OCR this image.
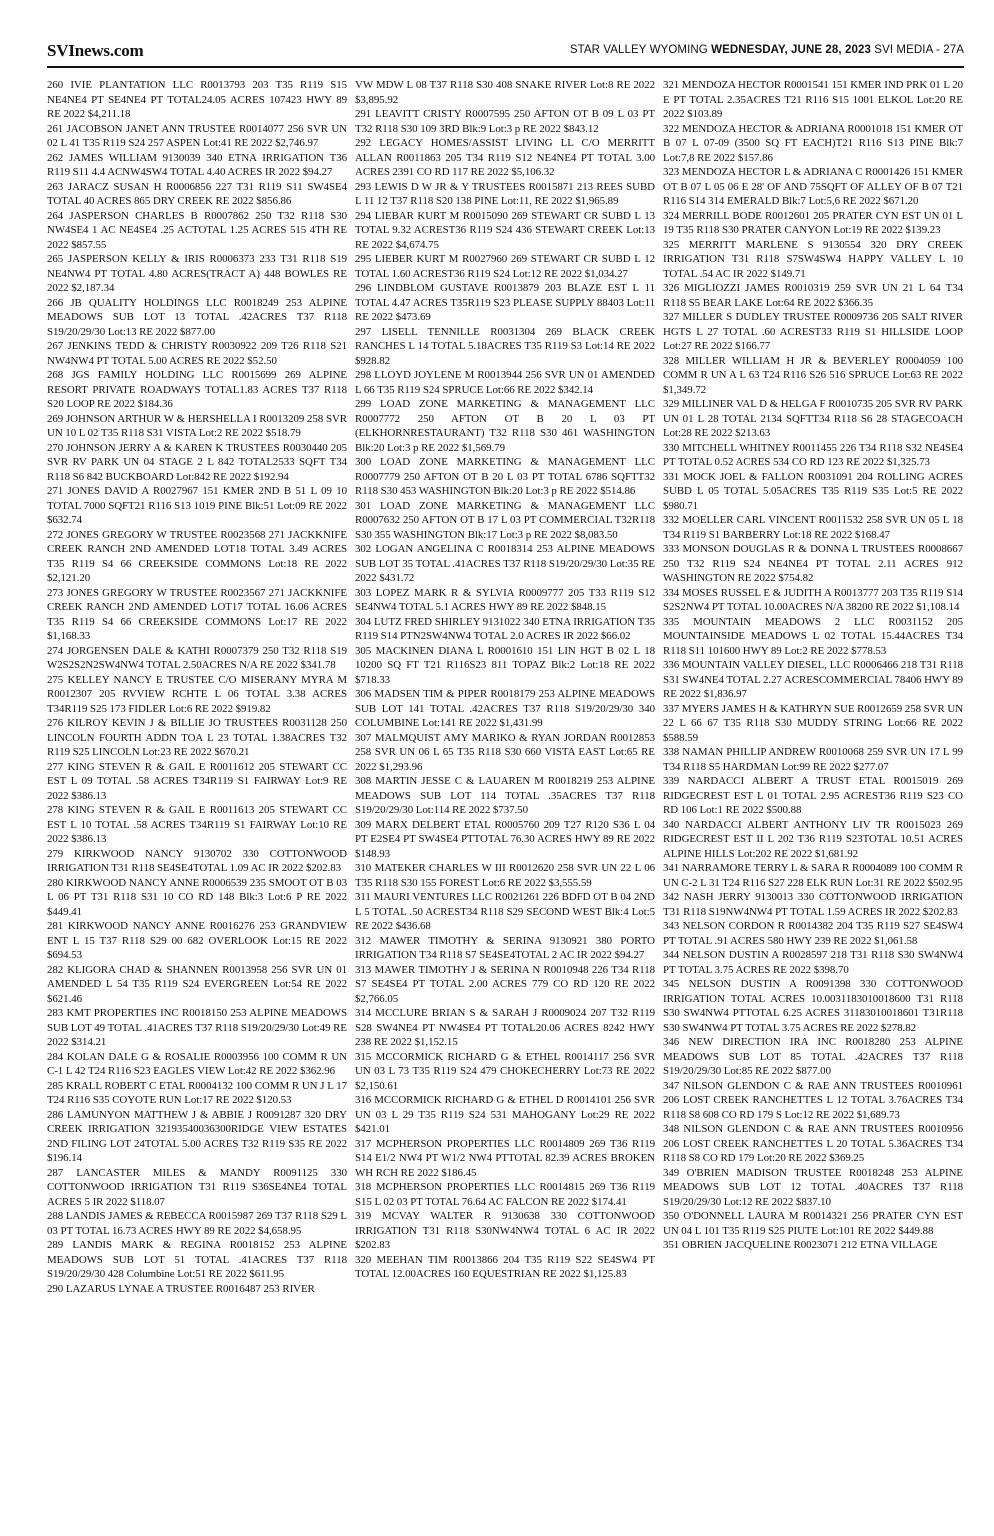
SVInews.com	STAR VALLEY WYOMING WEDNESDAY, JUNE 28, 2023 SVI MEDIA - 27A

260 IVIE PLANTATION LLC R0013793 203 T35 R119 S15 NE4NE4 PT SE4NE4 PT TOTAL24.05 ACRES 107423 HWY 89 RE 2022 $4,211.18

261 JACOBSON JANET ANN TRUSTEE R0014077 256 SVR UN 02 L 41 T35 R119 S24 257 ASPEN Lot:41 RE 2022 $2,746.97

262 JAMES WILLIAM 9130039 340 ETNA IRRIGATION T36 R119 S11 4.4 ACNW4SW4 TOTAL 4.40 ACRES IR 2022 $94.27

263 JARACZ SUSAN H R0006856 227 T31 R119 S11 SW4SE4 TOTAL 40 ACRES 865 DRY CREEK RE 2022 $856.86

264 JASPERSON CHARLES B R0007862 250 T32 R118 S30 NW4SE4 1 AC NE4SE4 .25 ACTOTAL 1.25 ACRES 515 4TH RE 2022 $857.55

265 JASPERSON KELLY & IRIS R0006373 233 T31 R118 S19 NE4NW4 PT TOTAL 4.80 ACRES(TRACT A) 448 BOWLES RE 2022 $2,187.34

266 JB QUALITY HOLDINGS LLC R0018249 253 ALPINE MEADOWS SUB LOT 13 TOTAL .42ACRES T37 R118 S19/20/29/30 Lot:13 RE 2022 $877.00

267 JENKINS TEDD & CHRISTY R0030922 209 T26 R118 S21 NW4NW4 PT TOTAL 5.00 ACRES RE 2022 $52.50

268 JGS FAMILY HOLDING LLC R0015699 269 ALPINE RESORT PRIVATE ROADWAYS TOTAL1.83 ACRES T37 R118 S20 LOOP RE 2022 $184.36

269 JOHNSON ARTHUR W & HERSHELLA I R0013209 258 SVR UN 10 L 02 T35 R118 S31 VISTA Lot:2 RE 2022 $518.79

270 JOHNSON JERRY A & KAREN K TRUSTEES R0030440 205 SVR RV PARK UN 04 STAGE 2 L 842 TOTAL2533 SQFT T34 R118 S6 842 BUCKBOARD Lot:842 RE 2022 $192.94

271 JONES DAVID A R0027967 151 KMER 2ND B 51 L 09 10 TOTAL 7000 SQFT21 R116 S13 1019 PINE Blk:51 Lot:09 RE 2022 $632.74

272 JONES GREGORY W TRUSTEE R0023568 271 JACKKNIFE CREEK RANCH 2ND AMENDED LOT18 TOTAL 3.49 ACRES T35 R119 S4 66 CREEKSIDE COMMONS Lot:18 RE 2022 $2,121.20

273 JONES GREGORY W TRUSTEE R0023567 271 JACKKNIFE CREEK RANCH 2ND AMENDED LOT17 TOTAL 16.06 ACRES T35 R119 S4 66 CREEKSIDE COMMONS Lot:17 RE 2022 $1,168.33

274 JORGENSEN DALE & KATHI R0007379 250 T32 R118 S19 W2S2S2N2SW4NW4 TOTAL 2.50ACRES N/A RE 2022 $341.78

275 KELLEY NANCY E TRUSTEE C/O MISERANY MYRA M R0012307 205 RVVIEW RCHTE L 06 TOTAL 3.38 ACRES T34R119 S25 173 FIDLER Lot:6 RE 2022 $919.82

276 KILROY KEVIN J & BILLIE JO TRUSTEES R0031128 250 LINCOLN FOURTH ADDN TOA L 23 TOTAL 1.38ACRES T32 R119 S25 LINCOLN Lot:23 RE 2022 $670.21

277 KING STEVEN R & GAIL E R0011612 205 STEWART CC EST L 09 TOTAL .58 ACRES T34R119 S1 FAIRWAY Lot:9 RE 2022 $386.13

278 KING STEVEN R & GAIL E R0011613 205 STEWART CC EST L 10 TOTAL .58 ACRES T34R119 S1 FAIRWAY Lot:10 RE 2022 $386.13

279 KIRKWOOD NANCY 9130702 330 COTTONWOOD IRRIGATION T31 R118 SE4SE4TOTAL 1.09 AC IR 2022 $202.83

280 KIRKWOOD NANCY ANNE R0006539 235 SMOOT OT B 03 L 06 PT T31 R118 S31 10 CO RD 148 Blk:3 Lot:6 P RE 2022 $449.41

281 KIRKWOOD NANCY ANNE R0016276 253 GRANDVIEW ENT L 15 T37 R118 S29 00 682 OVERLOOK Lot:15 RE 2022 $694.53

282 KLIGORA CHAD & SHANNEN R0013958 256 SVR UN 01 AMENDED L 54 T35 R119 S24 EVERGREEN Lot:54 RE 2022 $621.46

283 KMT PROPERTIES INC R0018150 253 ALPINE MEADOWS SUB LOT 49 TOTAL .41ACRES T37 R118 S19/20/29/30 Lot:49 RE 2022 $314.21

284 KOLAN DALE G & ROSALIE R0003956 100 COMM R UN C-1 L 42 T24 R116 S23 EAGLES VIEW Lot:42 RE 2022 $362.96

285 KRALL ROBERT C ETAL R0004132 100 COMM R UN J L 17 T24 R116 S35 COYOTE RUN Lot:17 RE 2022 $120.53

286 LAMUNYON MATTHEW J & ABBIE J R0091287 320 DRY CREEK IRRIGATION 32193540036300RIDGE VIEW ESTATES 2ND FILING LOT 24TOTAL 5.00 ACRES T32 R119 S35 RE 2022 $196.14

287 LANCASTER MILES & MANDY R0091125 330 COTTONWOOD IRRIGATION T31 R119 S36SE4NE4 TOTAL ACRES 5 IR 2022 $118.07

288 LANDIS JAMES & REBECCA R0015987 269 T37 R118 S29 L 03 PT TOTAL 16.73 ACRES HWY 89 RE 2022 $4,658.95

289 LANDIS MARK & REGINA R0018152 253 ALPINE MEADOWS SUB LOT 51 TOTAL .41ACRES T37 R118 S19/20/29/30 428 Columbine Lot:51 RE 2022 $611.95

290 LAZARUS LYNAE A TRUSTEE R0016487 253 RIVER

VW MDW L 08 T37 R118 S30 408 SNAKE RIVER Lot:8 RE 2022 $3,895.92

291 LEAVITT CRISTY R0007595 250 AFTON OT B 09 L 03 PT T32 R118 S30 109 3RD Blk:9 Lot:3 p RE 2022 $843.12

292 LEGACY HOMES/ASSIST LIVING LL C/O MERRITT ALLAN R0011863 205 T34 R119 S12 NE4NE4 PT TOTAL 3.00 ACRES 2391 CO RD 117 RE 2022 $5,106.32

293 LEWIS D W JR & Y TRUSTEES R0015871 213 REES SUBD L 11 12 T37 R118 S20 138 PINE Lot:11, RE 2022 $1,965.89

294 LIEBAR KURT M R0015090 269 STEWART CR SUBD L 13 TOTAL 9.32 ACREST36 R119 S24 436 STEWART CREEK Lot:13 RE 2022 $4,674.75

295 LIEBER KURT M R0027960 269 STEWART CR SUBD L 12 TOTAL 1.60 ACREST36 R119 S24 Lot:12 RE 2022 $1,034.27

296 LINDBLOM GUSTAVE R0013879 203 BLAZE EST L 11 TOTAL 4.47 ACRES T35R119 S23 PLEASE SUPPLY 88403 Lot:11 RE 2022 $473.69

297 LISELL TENNILLE R0031304 269 BLACK CREEK RANCHES L 14 TOTAL 5.18ACRES T35 R119 S3 Lot:14 RE 2022 $928.82

298 LLOYD JOYLENE M R0013944 256 SVR UN 01 AMENDED L 66 T35 R119 S24 SPRUCE Lot:66 RE 2022 $342.14

299 LOAD ZONE MARKETING & MANAGEMENT LLC R0007772 250 AFTON OT B 20 L 03 PT (ELKHORNRESTAURANT) T32 R118 S30 461 WASHINGTON Blk:20 Lot:3 p RE 2022 $1,569.79

300 LOAD ZONE MARKETING & MANAGEMENT LLC R0007779 250 AFTON OT B 20 L 03 PT TOTAL 6786 SQFTT32 R118 S30 453 WASHINGTON Blk:20 Lot:3 p RE 2022 $514.86

301 LOAD ZONE MARKETING & MANAGEMENT LLC R0007632 250 AFTON OT B 17 L 03 PT COMMERCIAL T32R118 S30 355 WASHINGTON Blk:17 Lot:3 p RE 2022 $8,083.50

302 LOGAN ANGELINA C R0018314 253 ALPINE MEADOWS SUB LOT 35 TOTAL .41ACRES T37 R118 S19/20/29/30 Lot:35 RE 2022 $431.72

303 LOPEZ MARK R & SYLVIA R0009777 205 T33 R119 S12 SE4NW4 TOTAL 5.1 ACRES HWY 89 RE 2022 $848.15

304 LUTZ FRED SHIRLEY 9131022 340 ETNA IRRIGATION T35 R119 S14 PTN2SW4NW4 TOTAL 2.0 ACRES IR 2022 $66.02

305 MACKINEN DIANA L R0001610 151 LIN HGT B 02 L 18 10200 SQ FT T21 R116S23 811 TOPAZ Blk:2 Lot:18 RE 2022 $718.33

306 MADSEN TIM & PIPER R0018179 253 ALPINE MEADOWS SUB LOT 141 TOTAL .42ACRES T37 R118 S19/20/29/30 340 COLUMBINE Lot:141 RE 2022 $1,431.99

307 MALMQUIST AMY MARIKO & RYAN JORDAN R0012853 258 SVR UN 06 L 65 T35 R118 S30 660 VISTA EAST Lot:65 RE 2022 $1,293.96

308 MARTIN JESSE C & LAUAREN M R0018219 253 ALPINE MEADOWS SUB LOT 114 TOTAL .35ACRES T37 R118 S19/20/29/30 Lot:114 RE 2022 $737.50

309 MARX DELBERT ETAL R0005760 209 T27 R120 S36 L 04 PT E2SE4 PT SW4SE4 PTTOTAL 76.30 ACRES HWY 89 RE 2022 $148.93

310 MATEKER CHARLES W III R0012620 258 SVR UN 22 L 06 T35 R118 S30 155 FOREST Lot:6 RE 2022 $3,555.59

311 MAURI VENTURES LLC R0021261 226 BDFD OT B 04 2ND L 5 TOTAL .50 ACREST34 R118 S29 SECOND WEST Blk:4 Lot:5 RE 2022 $436.68

312 MAWER TIMOTHY & SERINA 9130921 380 PORTO IRRIGATION T34 R118 S7 SE4SE4TOTAL 2 AC IR 2022 $94.27

313 MAWER TIMOTHY J & SERINA N R0010948 226 T34 R118 S7 SE4SE4 PT TOTAL 2.00 ACRES 779 CO RD 120 RE 2022 $2,766.05

314 MCCLURE BRIAN S & SARAH J R0009024 207 T32 R119 S28 SW4NE4 PT NW4SE4 PT TOTAL20.06 ACRES 8242 HWY 238 RE 2022 $1,152.15

315 MCCORMICK RICHARD G & ETHEL R0014117 256 SVR UN 03 L 73 T35 R119 S24 479 CHOKECHERRY Lot:73 RE 2022 $2,150.61

316 MCCORMICK RICHARD G & ETHEL D R0014101 256 SVR UN 03 L 29 T35 R119 S24 531 MAHOGANY Lot:29 RE 2022 $421.01

317 MCPHERSON PROPERTIES LLC R0014809 269 T36 R119 S14 E1/2 NW4 PT W1/2 NW4 PTTOTAL 82.39 ACRES BROKEN WH RCH RE 2022 $186.45

318 MCPHERSON PROPERTIES LLC R0014815 269 T36 R119 S15 L 02 03 PT TOTAL 76.64 AC FALCON RE 2022 $174.41

319 MCVAY WALTER R 9130638 330 COTTONWOOD IRRIGATION T31 R118 S30NW4NW4 TOTAL 6 AC IR 2022 $202.83

320 MEEHAN TIM R0013866 204 T35 R119 S22 SE4SW4 PT TOTAL 12.00ACRES 160 EQUESTRIAN RE 2022 $1,125.83

321 MENDOZA HECTOR R0001541 151 KMER IND PRK 01 L 20 E PT TOTAL 2.35ACRES T21 R116 S15 1001 ELKOL Lot:20 RE 2022 $103.89

322 MENDOZA HECTOR & ADRIANA R0001018 151 KMER OT B 07 L 07-09 (3500 SQ FT EACH)T21 R116 S13 PINE Blk:7 Lot:7,8 RE 2022 $157.86

323 MENDOZA HECTOR L & ADRIANA C R0001426 151 KMER OT B 07 L 05 06 E 28' OF AND 75SQFT OF ALLEY OF B 07 T21 R116 S14 314 EMERALD Blk:7 Lot:5,6 RE 2022 $671.20

324 MERRILL BODE R0012601 205 PRATER CYN EST UN 01 L 19 T35 R118 S30 PRATER CANYON Lot:19 RE 2022 $139.23

325 MERRITT MARLENE S 9130554 320 DRY CREEK IRRIGATION T31 R118 S7SW4SW4 HAPPY VALLEY L 10 TOTAL .54 AC IR 2022 $149.71

326 MIGLIOZZI JAMES R0010319 259 SVR UN 21 L 64 T34 R118 S5 BEAR LAKE Lot:64 RE 2022 $366.35

327 MILLER S DUDLEY TRUSTEE R0009736 205 SALT RIVER HGTS L 27 TOTAL .60 ACREST33 R119 S1 HILLSIDE LOOP Lot:27 RE 2022 $166.77

328 MILLER WILLIAM H JR & BEVERLEY R0004059 100 COMM R UN A L 63 T24 R116 S26 516 SPRUCE Lot:63 RE 2022 $1,349.72

329 MILLINER VAL D & HELGA F R0010735 205 SVR RV PARK UN 01 L 28 TOTAL 2134 SQFTT34 R118 S6 28 STAGECOACH Lot:28 RE 2022 $213.63

330 MITCHELL WHITNEY R0011455 226 T34 R118 S32 NE4SE4 PT TOTAL 0.52 ACRES 534 CO RD 123 RE 2022 $1,325.73

331 MOCK JOEL & FALLON R0031091 204 ROLLING ACRES SUBD L 05 TOTAL 5.05ACRES T35 R119 S35 Lot:5 RE 2022 $980.71

332 MOELLER CARL VINCENT R0011532 258 SVR UN 05 L 18 T34 R119 S1 BARBERRY Lot:18 RE 2022 $168.47

333 MONSON DOUGLAS R & DONNA L TRUSTEES R0008667 250 T32 R119 S24 NE4NE4 PT TOTAL 2.11 ACRES 912 WASHINGTON RE 2022 $754.82

334 MOSES RUSSEL E & JUDITH A R0013777 203 T35 R119 S14 S2S2NW4 PT TOTAL 10.00ACRES N/A 38200 RE 2022 $1,108.14

335 MOUNTAIN MEADOWS 2 LLC R0031152 205 MOUNTAINSIDE MEADOWS L 02 TOTAL 15.44ACRES T34 R118 S11 101600 HWY 89 Lot:2 RE 2022 $778.53

336 MOUNTAIN VALLEY DIESEL, LLC R0006466 218 T31 R118 S31 SW4NE4 TOTAL 2.27 ACRESCOMMERCIAL 78406 HWY 89 RE 2022 $1,836.97

337 MYERS JAMES H & KATHRYN SUE R0012659 258 SVR UN 22 L 66 67 T35 R118 S30 MUDDY STRING Lot:66 RE 2022 $588.59

338 NAMAN PHILLIP ANDREW R0010068 259 SVR UN 17 L 99 T34 R118 S5 HARDMAN Lot:99 RE 2022 $277.07

339 NARDACCI ALBERT A TRUST ETAL R0015019 269 RIDGECREST EST L 01 TOTAL 2.95 ACREST36 R119 S23 CO RD 106 Lot:1 RE 2022 $500.88

340 NARDACCI ALBERT ANTHONY LIV TR R0015023 269 RIDGECREST EST II L 202 T36 R119 S23TOTAL 10.51 ACRES ALPINE HILLS Lot:202 RE 2022 $1,681.92

341 NARRAMORE TERRY L & SARA R R0004089 100 COMM R UN C-2 L 31 T24 R116 S27 228 ELK RUN Lot:31 RE 2022 $502.95

342 NASH JERRY 9130013 330 COTTONWOOD IRRIGATION T31 R118 S19NW4NW4 PT TOTAL 1.59 ACRES IR 2022 $202.83

343 NELSON CORDON R R0014382 204 T35 R119 S27 SE4SW4 PT TOTAL .91 ACRES 580 HWY 239 RE 2022 $1,061.58

344 NELSON DUSTIN A R0028597 218 T31 R118 S30 SW4NW4 PT TOTAL 3.75 ACRES RE 2022 $398.70

345 NELSON DUSTIN A R0091398 330 COTTONWOOD IRRIGATION TOTAL ACRES 10.0031183010018600 T31 R118 S30 SW4NW4 PTTOTAL 6.25 ACRES 31183010018601 T31R118 S30 SW4NW4 PT TOTAL 3.75 ACRES RE 2022 $278.82

346 NEW DIRECTION IRA INC R0018280 253 ALPINE MEADOWS SUB LOT 85 TOTAL .42ACRES T37 R118 S19/20/29/30 Lot:85 RE 2022 $877.00

347 NILSON GLENDON C & RAE ANN TRUSTEES R0010961 206 LOST CREEK RANCHETTES L 12 TOTAL 3.76ACRES T34 R118 S8 608 CO RD 179 S Lot:12 RE 2022 $1,689.73

348 NILSON GLENDON C & RAE ANN TRUSTEES R0010956 206 LOST CREEK RANCHETTES L 20 TOTAL 5.36ACRES T34 R118 S8 CO RD 179 Lot:20 RE 2022 $369.25

349 O'BRIEN MADISON TRUSTEE R0018248 253 ALPINE MEADOWS SUB LOT 12 TOTAL .40ACRES T37 R118 S19/20/29/30 Lot:12 RE 2022 $837.10

350 O'DONNELL LAURA M R0014321 256 PRATER CYN EST UN 04 L 101 T35 R119 S25 PIUTE Lot:101 RE 2022 $449.88

351 OBRIEN JACQUELINE R0023071 212 ETNA VILLAGE
